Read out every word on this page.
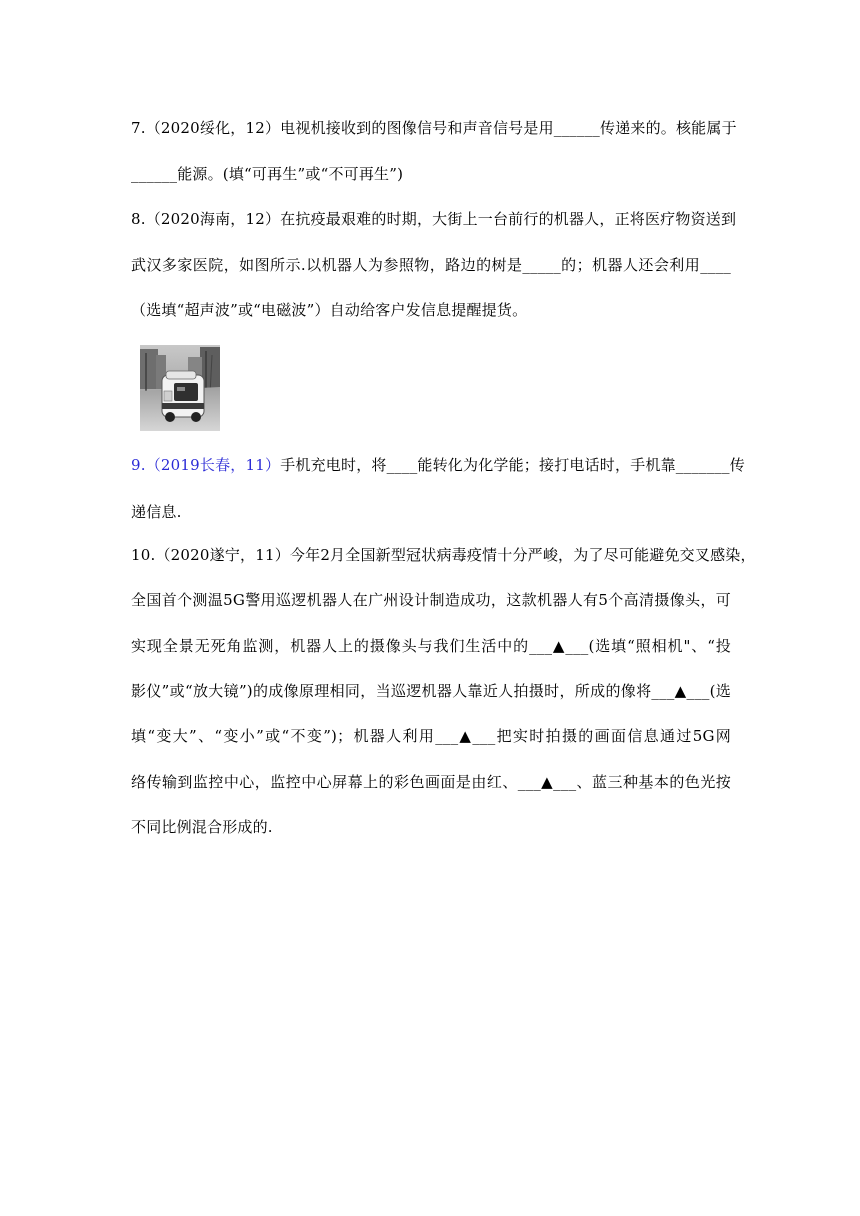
7.（2020绥化，12）电视机接收到的图像信号和声音信号是用______传递来的。核能属于
______能源。(填“可再生”或“不可再生”)
8.（2020海南，12）在抗疫最艰难的时期，大街上一台前行的机器人，正将医疗物资送到
武汉多家医院，如图所示.以机器人为参照物，路边的树是_____的；机器人还会利用____
（选填“超声波”或“电磁波”）自动给客户发信息提醒提货。
9.（2019长春，11）手机充电时，将____能转化为化学能；接打电话时，手机靠_______传
递信息.
10.（2020遂宁，11）今年2月全国新型冠状病毒疫情十分严峻，为了尽可能避免交叉感染，
全国首个测温5G警用巡逻机器人在广州设计制造成功，这款机器人有5个高清摄像头，可
实现全景无死角监测，机器人上的摄像头与我们生活中的___▲___(选填“照相机"、“投
影仪”或“放大镜”)的成像原理相同，当巡逻机器人靠近人拍摄时，所成的像将___▲___(选
填“变大”、“变小”或“不变”)；机器人利用___▲___把实时拍摄的画面信息通过5G网
络传输到监控中心，监控中心屏幕上的彩色画面是由红、___▲___、蓝三种基本的色光按
不同比例混合形成的.
